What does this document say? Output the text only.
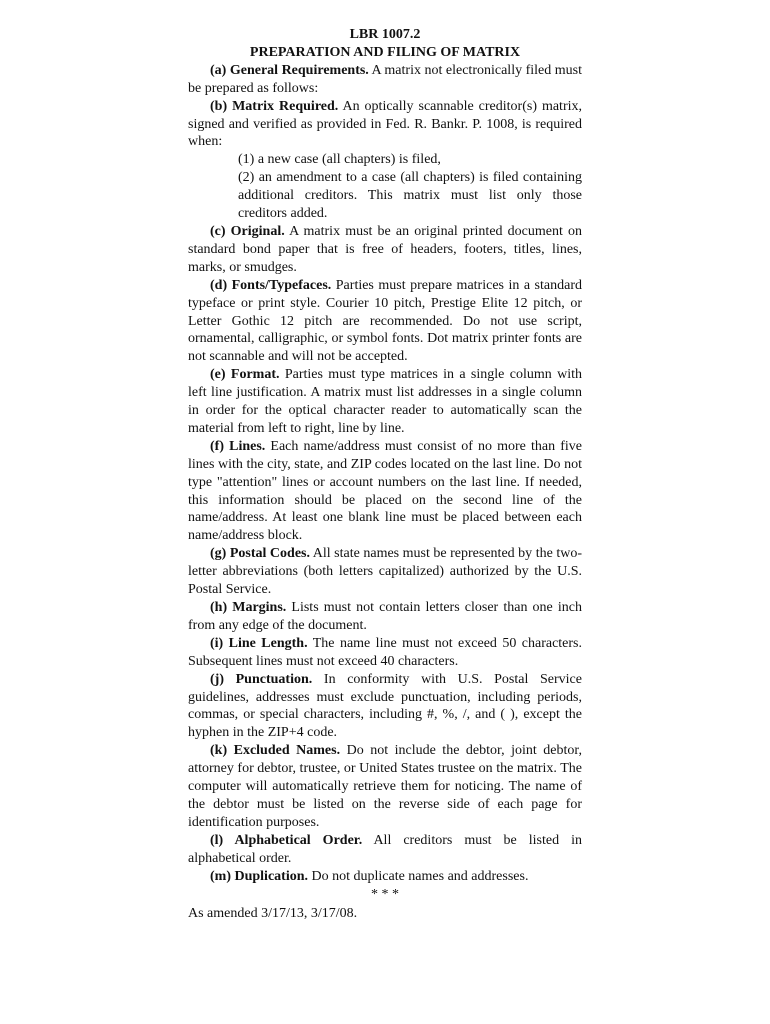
LBR 1007.2
PREPARATION AND FILING OF MATRIX
(a) General Requirements. A matrix not electronically filed must be prepared as follows:
(b) Matrix Required. An optically scannable creditor(s) matrix, signed and verified as provided in Fed. R. Bankr. P. 1008, is required when:
(1) a new case (all chapters) is filed,
(2) an amendment to a case (all chapters) is filed containing additional creditors. This matrix must list only those creditors added.
(c) Original. A matrix must be an original printed document on standard bond paper that is free of headers, footers, titles, lines, marks, or smudges.
(d) Fonts/Typefaces. Parties must prepare matrices in a standard typeface or print style. Courier 10 pitch, Prestige Elite 12 pitch, or Letter Gothic 12 pitch are recommended. Do not use script, ornamental, calligraphic, or symbol fonts. Dot matrix printer fonts are not scannable and will not be accepted.
(e) Format. Parties must type matrices in a single column with left line justification. A matrix must list addresses in a single column in order for the optical character reader to automatically scan the material from left to right, line by line.
(f) Lines. Each name/address must consist of no more than five lines with the city, state, and ZIP codes located on the last line. Do not type "attention" lines or account numbers on the last line. If needed, this information should be placed on the second line of the name/address. At least one blank line must be placed between each name/address block.
(g) Postal Codes. All state names must be represented by the two-letter abbreviations (both letters capitalized) authorized by the U.S. Postal Service.
(h) Margins. Lists must not contain letters closer than one inch from any edge of the document.
(i) Line Length. The name line must not exceed 50 characters. Subsequent lines must not exceed 40 characters.
(j) Punctuation. In conformity with U.S. Postal Service guidelines, addresses must exclude punctuation, including periods, commas, or special characters, including #, %, /, and ( ), except the hyphen in the ZIP+4 code.
(k) Excluded Names. Do not include the debtor, joint debtor, attorney for debtor, trustee, or United States trustee on the matrix. The computer will automatically retrieve them for noticing. The name of the debtor must be listed on the reverse side of each page for identification purposes.
(l) Alphabetical Order. All creditors must be listed in alphabetical order.
(m) Duplication. Do not duplicate names and addresses.
* * *
As amended 3/17/13, 3/17/08.
